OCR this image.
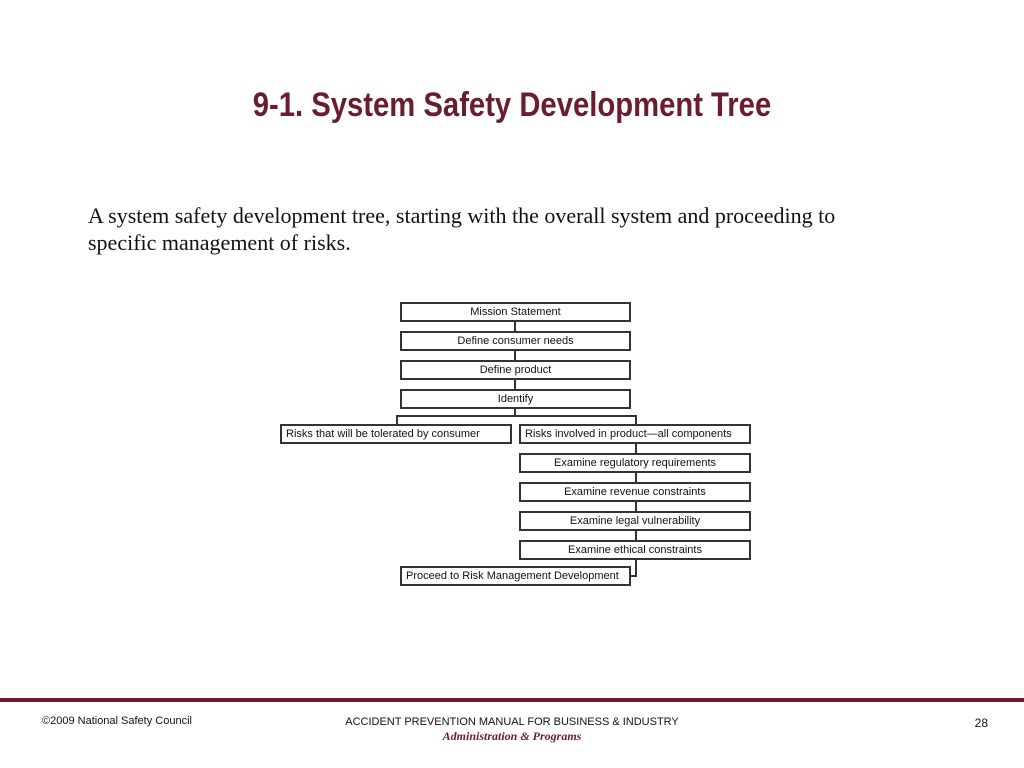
9-1. System Safety Development Tree
A system safety development tree, starting with the overall system and proceeding to specific management of risks.
Mission Statement
Define consumer needs
Define product
Identify
Risks that will be tolerated by consumer	Risks involved in product—all components
Examine regulatory requirements
Examine revenue constraints
Examine legal vulnerability
Examine ethical constraints
Proceed to Risk Management Development
©2009 National Safety Council	ACCIDENT PREVENTION MANUAL FOR BUSINESS & INDUSTRY
Administration & Programs
28
